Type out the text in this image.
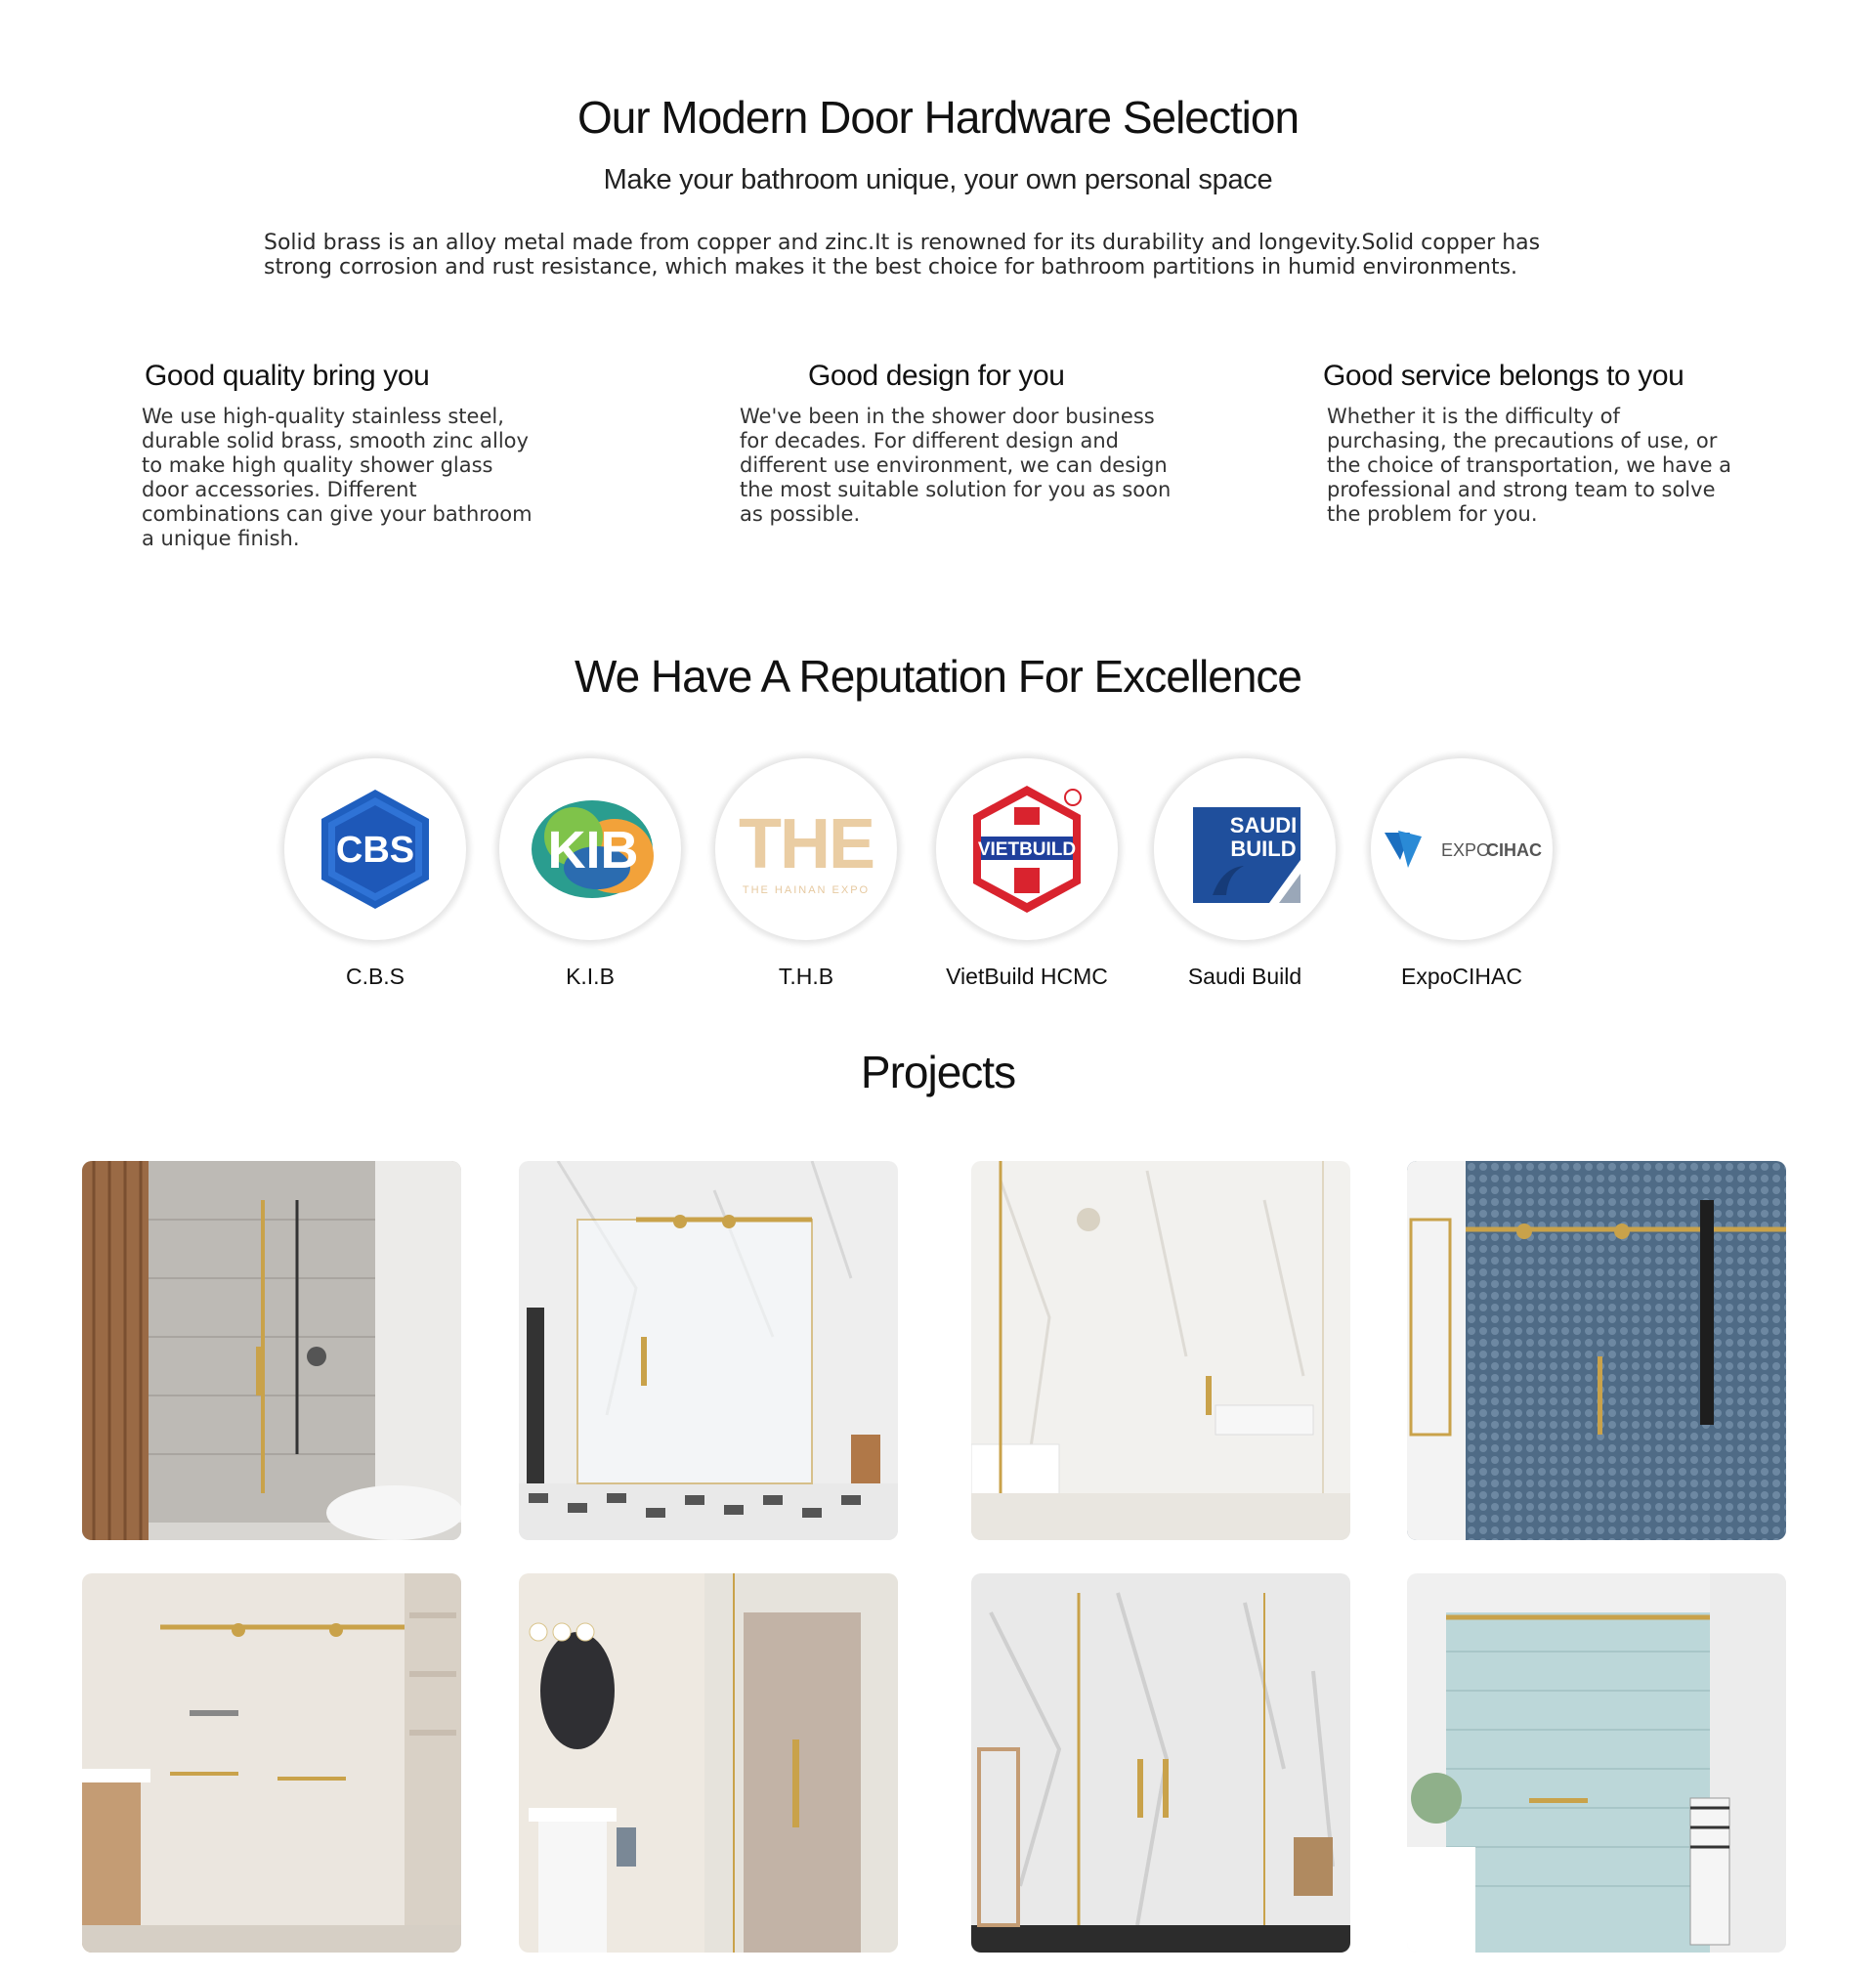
Our Modern Door Hardware Selection
Make your bathroom unique, your own personal space

Solid brass is an alloy metal made from copper and zinc.It is renowned for its durability and longevity.Solid copper has strong corrosion and rust resistance, which makes it the best choice for bathroom partitions in humid environments.

Good quality bring you

We use high-quality stainless steel, durable solid brass, smooth zinc alloy to make high quality shower glass door accessories. Different combinations can give your bathroom a unique finish.

Good design for you

We've been in the shower door business for decades. For different design and different use environment, we can design the most suitable solution for you as soon as possible.

Good service belongs to you

Whether it is the difficulty of purchasing, the precautions of use, or the choice of transportation, we have a professional and strong team to solve the problem for you.

We Have A Reputation For Excellence
CBS
C.B.S
KIB
K.I.B
THE
THE HAINAN EXPO
T.H.B
VIETBUILD
VietBuild HCMC
SAUDI
BUILD
Saudi Build
EXPO
CIHAC
ExpoCIHAC
Projects
